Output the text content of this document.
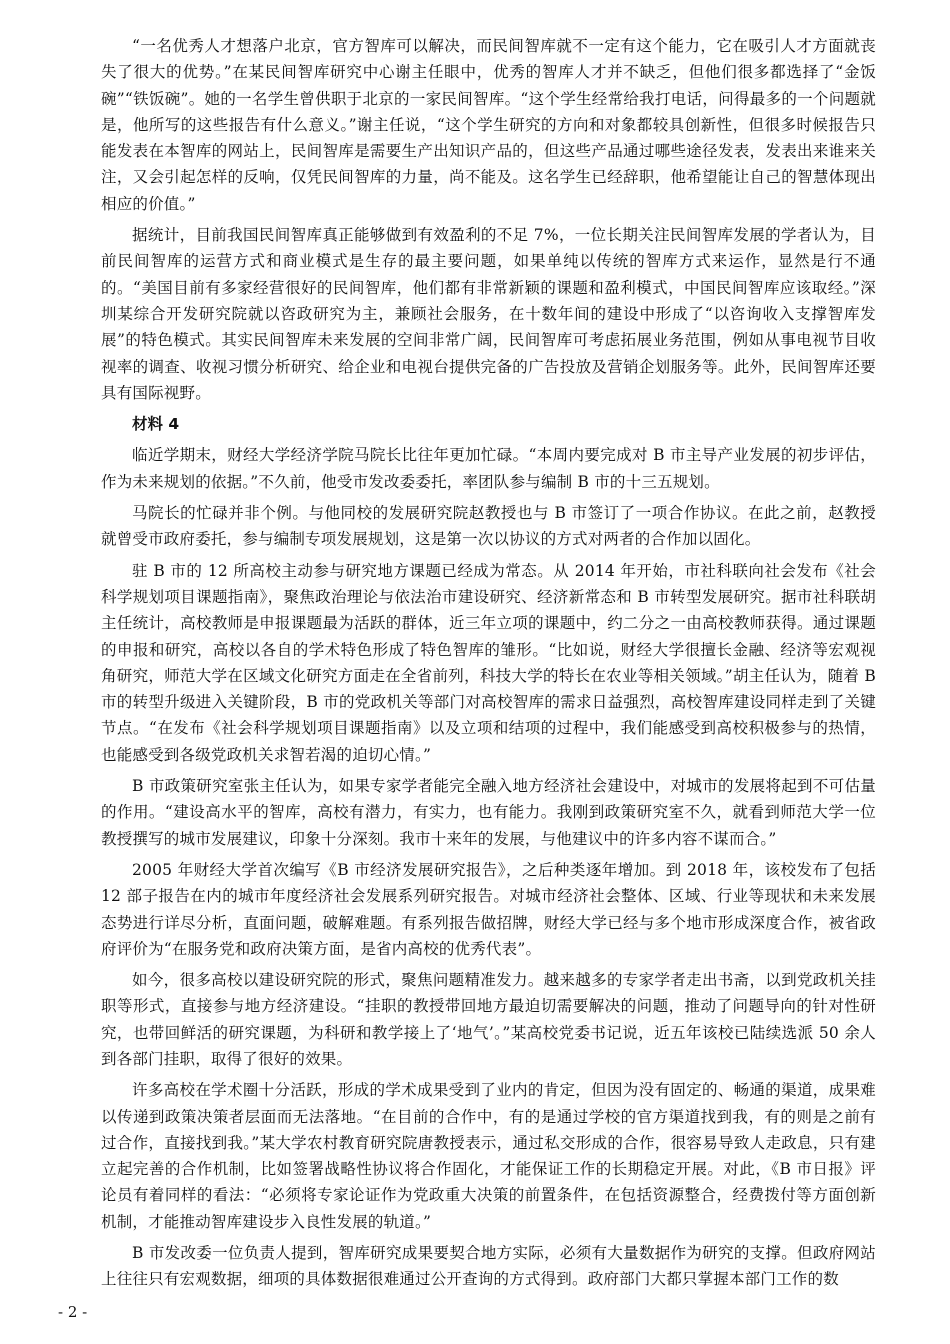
“一名优秀人才想落户北京，官方智库可以解决，而民间智库就不一定有这个能力，它在吸引人才方面就丧失了很大的优势。”在某民间智库研究中心谢主任眼中，优秀的智库人才并不缺乏，但他们很多都选择了“金饭碗”“铁饭碗”。她的一名学生曾供职于北京的一家民间智库。“这个学生经常给我打电话，问得最多的一个问题就是，他所写的这些报告有什么意义。”谢主任说，“这个学生研究的方向和对象都较具创新性，但很多时候报告只能发表在本智库的网站上，民间智库是需要生产出知识产品的，但这些产品通过哪些途径发表，发表出来谁来关注，又会引起怎样的反响，仅凭民间智库的力量，尚不能及。这名学生已经辞职，他希望能让自己的智慧体现出相应的价值。”

据统计，目前我国民间智库真正能够做到有效盈利的不足 7%，一位长期关注民间智库发展的学者认为，目前民间智库的运营方式和商业模式是生存的最主要问题，如果单纯以传统的智库方式来运作，显然是行不通的。“美国目前有多家经营很好的民间智库，他们都有非常新颖的课题和盈利模式，中国民间智库应该取经。”深圳某综合开发研究院就以咨政研究为主，兼顾社会服务，在十数年间的建设中形成了“以咨询收入支撑智库发展”的特色模式。其实民间智库未来发展的空间非常广阔，民间智库可考虑拓展业务范围，例如从事电视节目收视率的调查、收视习惯分析研究、给企业和电视台提供完备的广告投放及营销企划服务等。此外，民间智库还要具有国际视野。

材料 4

临近学期末，财经大学经济学院马院长比往年更加忙碌。“本周内要完成对 B 市主导产业发展的初步评估，作为未来规划的依据。”不久前，他受市发改委委托，率团队参与编制 B 市的十三五规划。

马院长的忙碌并非个例。与他同校的发展研究院赵教授也与 B 市签订了一项合作协议。在此之前，赵教授就曾受市政府委托，参与编制专项发展规划，这是第一次以协议的方式对两者的合作加以固化。

驻 B 市的 12 所高校主动参与研究地方课题已经成为常态。从 2014 年开始，市社科联向社会发布《社会科学规划项目课题指南》，聚焦政治理论与依法治市建设研究、经济新常态和 B 市转型发展研究。据市社科联胡主任统计，高校教师是申报课题最为活跃的群体，近三年立项的课题中，约二分之一由高校教师获得。通过课题的申报和研究，高校以各自的学术特色形成了特色智库的雏形。“比如说，财经大学很擅长金融、经济等宏观视角研究，师范大学在区域文化研究方面走在全省前列，科技大学的特长在农业等相关领域。”胡主任认为，随着 B 市的转型升级进入关键阶段，B 市的党政机关等部门对高校智库的需求日益强烈，高校智库建设同样走到了关键节点。“在发布《社会科学规划项目课题指南》以及立项和结项的过程中，我们能感受到高校积极参与的热情，也能感受到各级党政机关求智若渴的迫切心情。”

B 市政策研究室张主任认为，如果专家学者能完全融入地方经济社会建设中，对城市的发展将起到不可估量的作用。“建设高水平的智库，高校有潜力，有实力，也有能力。我刚到政策研究室不久，就看到师范大学一位教授撰写的城市发展建议，印象十分深刻。我市十来年的发展，与他建议中的许多内容不谋而合。”

2005 年财经大学首次编写《B 市经济发展研究报告》，之后种类逐年增加。到 2018 年，该校发布了包括 12 部子报告在内的城市年度经济社会发展系列研究报告。对城市经济社会整体、区域、行业等现状和未来发展态势进行详尽分析，直面问题，破解难题。有系列报告做招牌，财经大学已经与多个地市形成深度合作，被省政府评价为“在服务党和政府决策方面，是省内高校的优秀代表”。

如今，很多高校以建设研究院的形式，聚焦问题精准发力。越来越多的专家学者走出书斋，以到党政机关挂职等形式，直接参与地方经济建设。“挂职的教授带回地方最迫切需要解决的问题，推动了问题导向的针对性研究，也带回鲜活的研究课题，为科研和教学接上了‘地气’。”某高校党委书记说，近五年该校已陆续选派 50 余人到各部门挂职，取得了很好的效果。

许多高校在学术圈十分活跃，形成的学术成果受到了业内的肯定，但因为没有固定的、畅通的渠道，成果难以传递到政策决策者层面而无法落地。“在目前的合作中，有的是通过学校的官方渠道找到我，有的则是之前有过合作，直接找到我。”某大学农村教育研究院唐教授表示，通过私交形成的合作，很容易导致人走政息，只有建立起完善的合作机制，比如签署战略性协议将合作固化，才能保证工作的长期稳定开展。对此，《B 市日报》评论员有着同样的看法：“必须将专家论证作为党政重大决策的前置条件，在包括资源整合，经费拨付等方面创新机制，才能推动智库建设步入良性发展的轨道。”

B 市发改委一位负责人提到，智库研究成果要契合地方实际，必须有大量数据作为研究的支撑。但政府网站上往往只有宏观数据，细项的具体数据很难通过公开查询的方式得到。政府部门大都只掌握本部门工作的数

- 2 -
